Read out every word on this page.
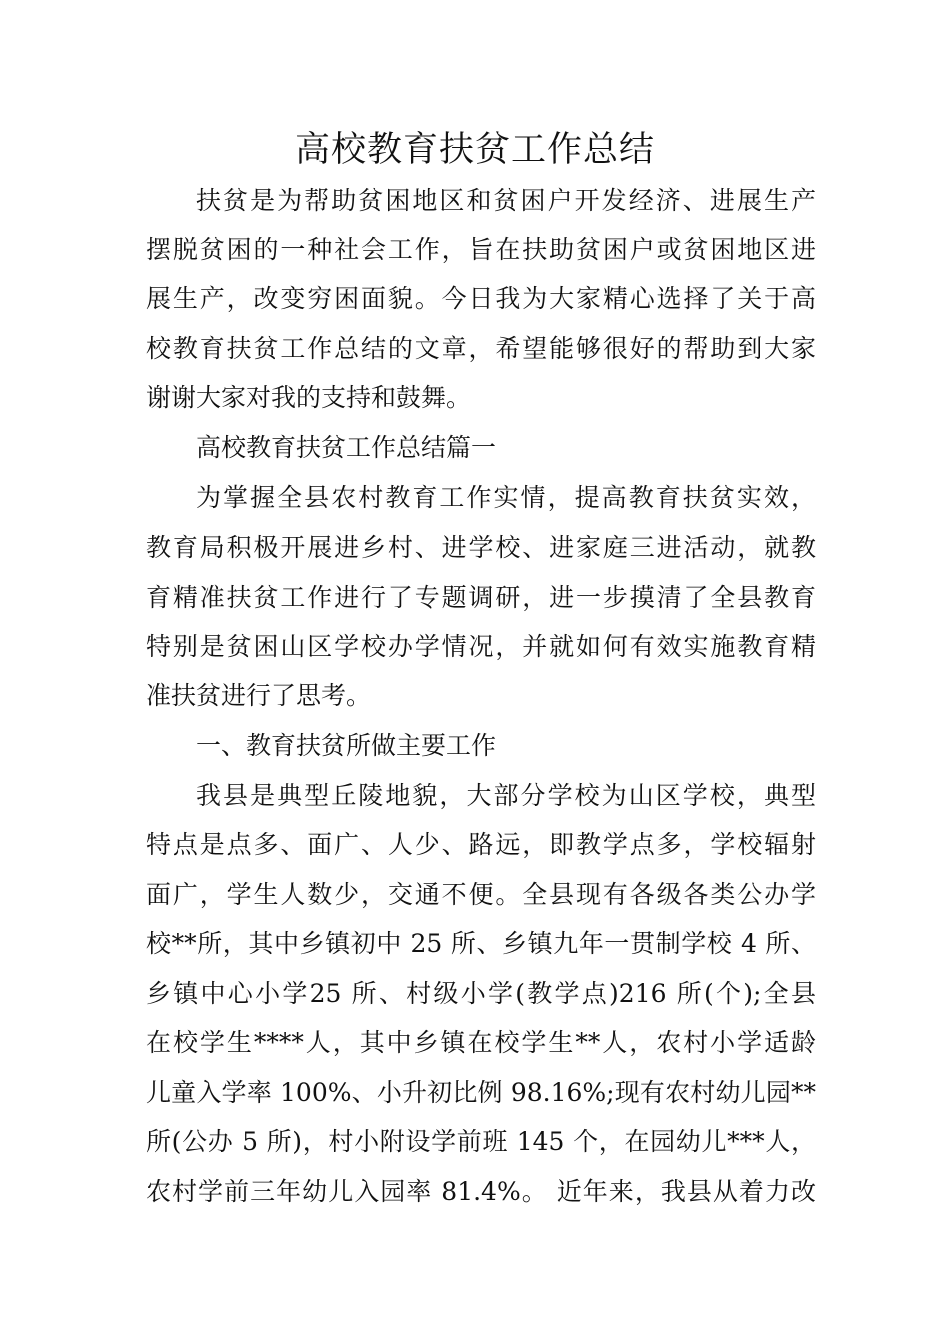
高校教育扶贫工作总结

扶贫是为帮助贫困地区和贫困户开发经济、进展生产

摆脱贫困的一种社会工作，旨在扶助贫困户或贫困地区进

展生产，改变穷困面貌。今日我为大家精心选择了关于高

校教育扶贫工作总结的文章，希望能够很好的帮助到大家

谢谢大家对我的支持和鼓舞。

高校教育扶贫工作总结篇一

为掌握全县农村教育工作实情，提高教育扶贫实效，

教育局积极开展进乡村、进学校、进家庭三进活动，就教

育精准扶贫工作进行了专题调研，进一步摸清了全县教育

特别是贫困山区学校办学情况，并就如何有效实施教育精

准扶贫进行了思考。

一、教育扶贫所做主要工作

我县是典型丘陵地貌，大部分学校为山区学校，典型

特点是点多、面广、人少、路远，即教学点多，学校辐射

面广，学生人数少，交通不便。全县现有各级各类公办学

校**所，其中乡镇初中 25 所、乡镇九年一贯制学校 4 所、

乡镇中心小学25 所、村级小学(教学点)216 所(个);全县

在校学生****人，其中乡镇在校学生**人，农村小学适龄

儿童入学率 100%、小升初比例 98.16%;现有农村幼儿园**

所(公办 5 所)，村小附设学前班 145 个，在园幼儿***人，

农村学前三年幼儿入园率 81.4%。 近年来，我县从着力改
